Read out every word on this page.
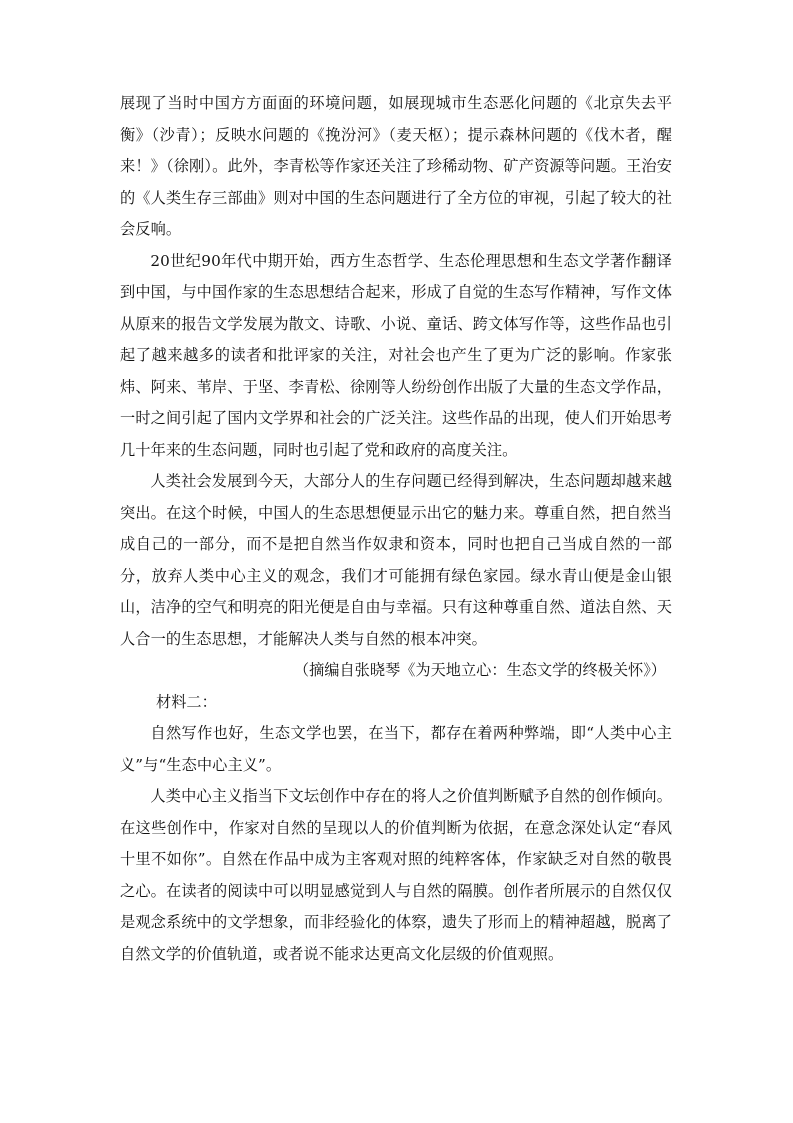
展现了当时中国方方面面的环境问题，如展现城市生态恶化问题的《北京失去平衡》（沙青）；反映水问题的《挽汾河》（麦天枢）；提示森林问题的《伐木者，醒来！》（徐刚）。此外，李青松等作家还关注了珍稀动物、矿产资源等问题。王治安的《人类生存三部曲》则对中国的生态问题进行了全方位的审视，引起了较大的社会反响。

20世纪90年代中期开始，西方生态哲学、生态伦理思想和生态文学著作翻译到中国，与中国作家的生态思想结合起来，形成了自觉的生态写作精神，写作文体从原来的报告文学发展为散文、诗歌、小说、童话、跨文体写作等，这些作品也引起了越来越多的读者和批评家的关注，对社会也产生了更为广泛的影响。作家张炜、阿来、苇岸、于坚、李青松、徐刚等人纷纷创作出版了大量的生态文学作品，一时之间引起了国内文学界和社会的广泛关注。这些作品的出现，使人们开始思考几十年来的生态问题，同时也引起了党和政府的高度关注。

人类社会发展到今天，大部分人的生存问题已经得到解决，生态问题却越来越突出。在这个时候，中国人的生态思想便显示出它的魅力来。尊重自然，把自然当成自己的一部分，而不是把自然当作奴隶和资本，同时也把自己当成自然的一部分，放弃人类中心主义的观念，我们才可能拥有绿色家园。绿水青山便是金山银山，洁净的空气和明亮的阳光便是自由与幸福。只有这种尊重自然、道法自然、天人合一的生态思想，才能解决人类与自然的根本冲突。

（摘编自张晓琴《为天地立心：生态文学的终极关怀》）

材料二：

自然写作也好，生态文学也罢，在当下，都存在着两种弊端，即“人类中心主义”与“生态中心主义”。

人类中心主义指当下文坛创作中存在的将人之价值判断赋予自然的创作倾向。在这些创作中，作家对自然的呈现以人的价值判断为依据，在意念深处认定“春风十里不如你”。自然在作品中成为主客观对照的纯粹客体，作家缺乏对自然的敬畏之心。在读者的阅读中可以明显感觉到人与自然的隔膜。创作者所展示的自然仅仅是观念系统中的文学想象，而非经验化的体察，遗失了形而上的精神超越，脱离了自然文学的价值轨道，或者说不能求达更高文化层级的价值观照。
